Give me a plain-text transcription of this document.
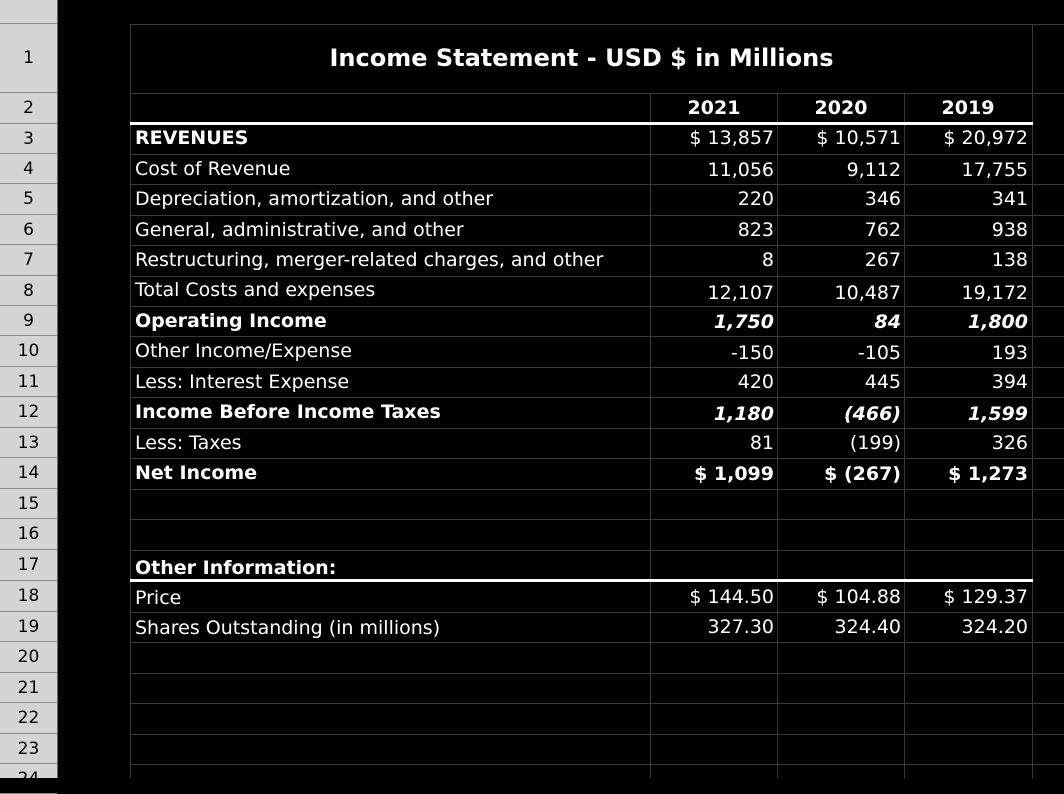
1
2
3
4
5
6
7
8
9
10
11
12
13
14
15
16
17
18
19
20
21
22
23
24
Income Statement - USD $ in Millions
2021	2020	2019
REVENUES	$ 13,857 $ 10,571 $ 20,972
Cost of Revenue	11,056	9,112	17,755
Depreciation, amortization, and other	220	346	341
General, administrative, and other	823	762	938
Restructuring, merger-related charges, and other	8	267	138
Total Costs and expenses	12,107	10,487	19,172
Operating Income	1,750	84	1,800
Other Income/Expense	-150	-105	193
Less: Interest Expense	420	445	394
Income Before Income Taxes	1,180	(466)	1,599
Less: Taxes	81	(199)	326
Net Income	$ 1,099	$ (267) $ 1,273
Other Information:
Price	$ 144.50 $ 104.88 $ 129.37
Shares Outstanding (in millions)	327.30	324.40	324.20
